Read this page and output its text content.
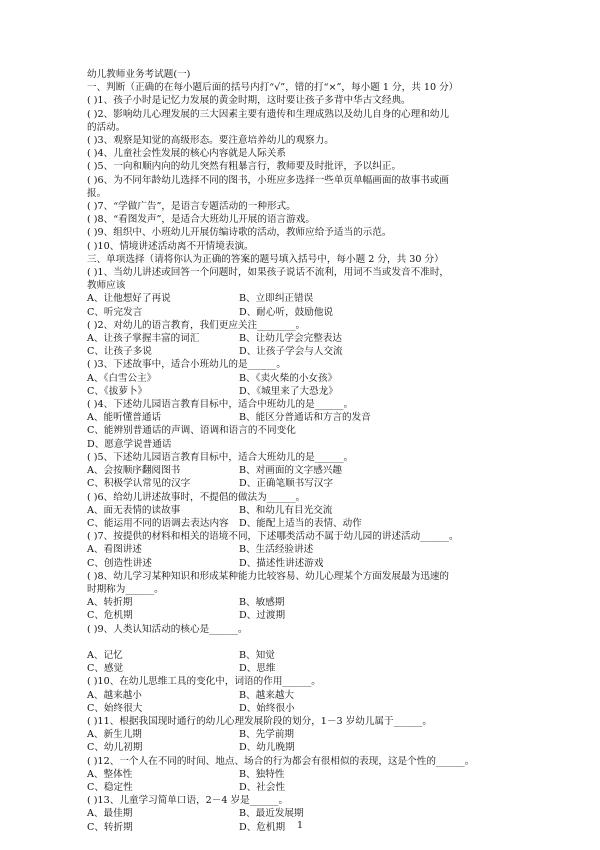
幼儿教师业务考试题(一)
一、判断（正确的在每小题后面的括号内打“√”，错的打“×”，每小题 1 分，共 10 分）
( )1、孩子小时是记忆力发展的黄金时期，这时要让孩子多背中华古文经典。
( )2、影响幼儿心理发展的三大因素主要有遗传和生理成熟以及幼儿自身的心理和幼儿
的活动。
( )3、观察是知觉的高级形态。要注意培养幼儿的观察力。
( )4、儿童社会性发展的核心内容就是人际关系
( )5、一向和顺内向的幼儿突然有粗暴言行，教师要及时批评，予以纠正。
( )6、为不同年龄幼儿选择不同的图书，小班应多选择一些单页单幅画面的故事书或画
报。
( )7、“学做广告”，是语言专题活动的一种形式。
( )8、“看图发声”，是适合大班幼儿开展的语言游戏。
( )9、组织中、小班幼儿开展仿编诗歌的活动，教师应给予适当的示范。
( )10、情境讲述活动离不开情境表演。
三、单项选择（请将你认为正确的答案的题号填入括号中，每小题 2 分，共 30 分）
( )1、当幼儿讲述或回答一个问题时，如果孩子说话不流利，用词不当或发音不准时，
教师应该
A、让他想好了再说	B、立即纠正错误
C、听完发言	D、耐心听，鼓励他说
( )2、对幼儿的语言教育，我们更应关注________。
A、让孩子掌握丰富的词汇	B、让幼儿学会完整表达
C、让孩子多说	D、让孩子学会与人交流
( )3、下述故事中，适合小班幼儿的是______。
A、《白雪公主》	B、《卖火柴的小女孩》
C、《拔萝卜》	D、《城里来了大恐龙》
( )4、下述幼儿园语言教育目标中，适合中班幼儿的是______。
A、能听懂普通话	B、能区分普通话和方言的发音
C、能辨别普通话的声调、语调和语言的不同变化
D、愿意学说普通话
( )5、下述幼儿园语言教育目标中，适合大班幼儿的是______。
A、会按顺序翻阅图书	B、对画面的文字感兴趣
C、积极学认常见的汉字	D、正确笔顺书写汉字
( )6、给幼儿讲述故事时，不提倡的做法为______。
A、面无表情的读故事	B、和幼儿有目光交流
C、能运用不同的语调去表达内容	D、能配上适当的表情、动作
( )7、按提供的材料和相关的语境不同，下述哪类活动不属于幼儿园的讲述活动______。
A、看图讲述	B、生活经验讲述
C、创造性讲述	D、描述性讲述游戏
( )8、幼儿学习某种知识和形成某种能力比较容易、幼儿心理某个方面发展最为迅速的
时期称为______。
A、转折期	B、敏感期
C、危机期	D、过渡期
( )9、人类认知活动的核心是______。
A、记忆	B、知觉
C、感觉	D、思维
( )10、在幼儿思维工具的变化中，词语的作用______。
A、越来越小	B、越来越大
C、始终很大	D、始终很小
( )11、根据我国现时通行的幼儿心理发展阶段的划分，1－3 岁幼儿属于______。
A、新生儿期	B、先学前期
C、幼儿初期	D、幼儿晚期
( )12、一个人在不同的时间、地点、场合的行为都会有很相似的表现，这是个性的______。
A、整体性	B、独特性
C、稳定性	D、社会性
( )13、儿童学习简单口语，2－4 岁是______。
A、最佳期	B、最近发展期
C、转折期	D、危机期	1
